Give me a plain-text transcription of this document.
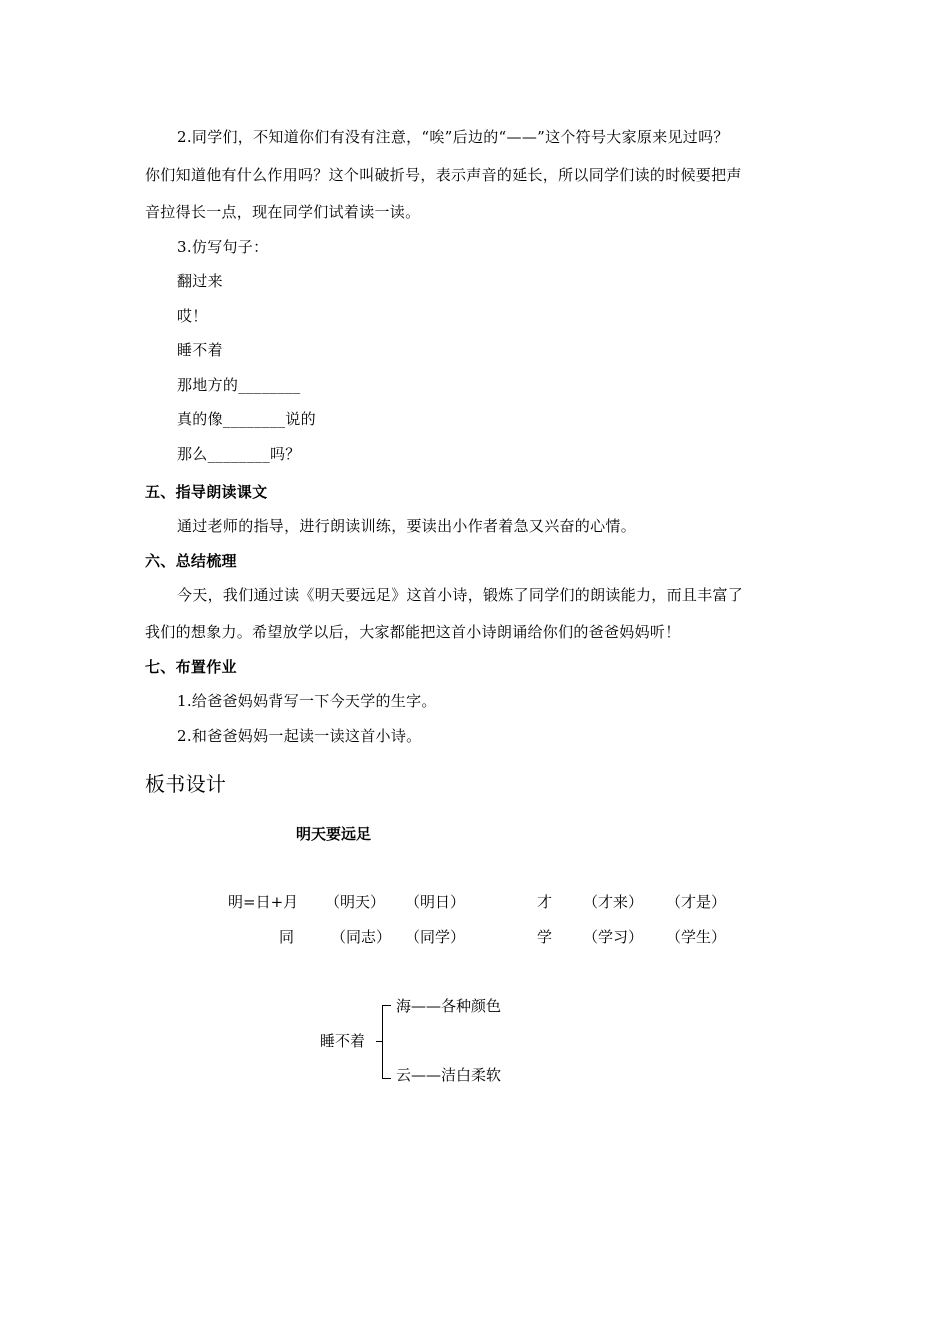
2.同学们，不知道你们有没有注意，“唉”后边的“——”这个符号大家原来见过吗？
你们知道他有什么作用吗？这个叫破折号，表示声音的延长，所以同学们读的时候要把声
音拉得长一点，现在同学们试着读一读。
3.仿写句子：
翻过来
哎！
睡不着
那地方的________
真的像________说的
那么________吗？
五、指导朗读课文
通过老师的指导，进行朗读训练，要读出小作者着急又兴奋的心情。
六、总结梳理
今天，我们通过读《明天要远足》这首小诗，锻炼了同学们的朗读能力，而且丰富了
我们的想象力。希望放学以后，大家都能把这首小诗朗诵给你们的爸爸妈妈听！
七、布置作业
1.给爸爸妈妈背写一下今天学的生字。
2.和爸爸妈妈一起读一读这首小诗。
板书设计
明天要远足
明=日+月 （明天） （明日）	才 （才来） （才是）
同 （同志） （同学）	学 （学习） （学生）
睡不着
海——各种颜色
云——洁白柔软
